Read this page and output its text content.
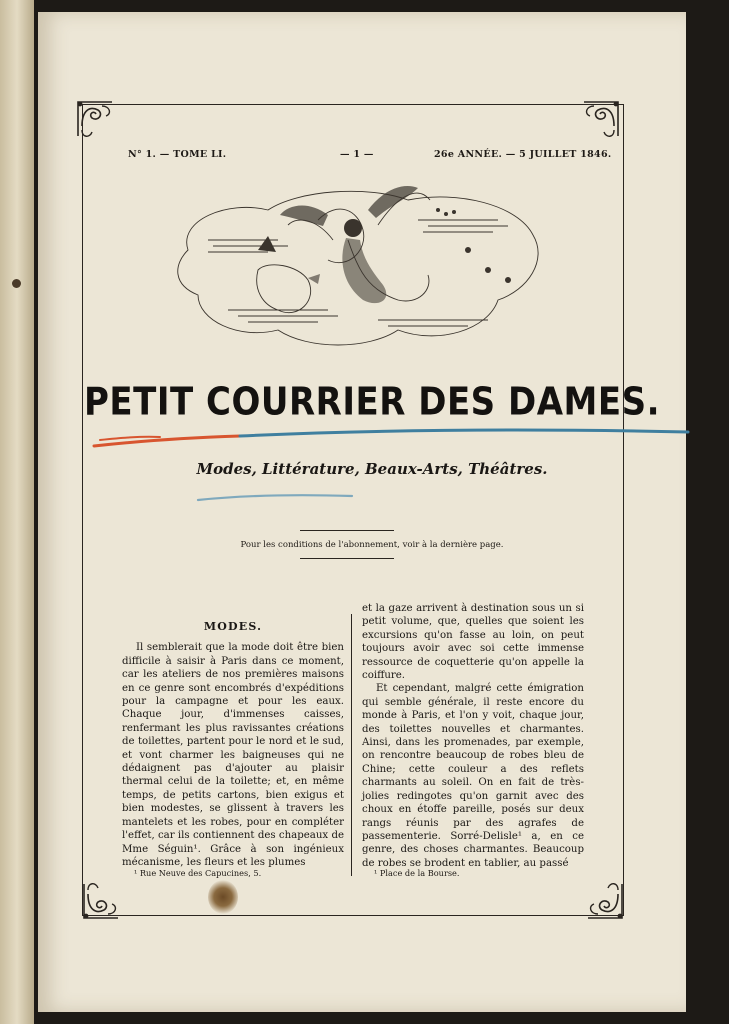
N° 1. — TOME LI.	— 1 —	26e ANNÉE. — 5 JUILLET 1846.
PETIT COURRIER DES DAMES.
Modes, Littérature, Beaux-Arts, Théâtres.
Pour les conditions de l'abonnement, voir à la dernière page.
MODES.

Il semblerait que la mode doit être bien difficile à saisir à Paris dans ce moment, car les ateliers de nos premières maisons en ce genre sont encombrés d'expéditions pour la campagne et pour les eaux. Chaque jour, d'immenses caisses, renfermant les plus ravissantes créations de toilettes, partent pour le nord et le sud, et vont charmer les baigneuses qui ne dédaignent pas d'ajouter au plaisir thermal celui de la toilette; et, en même temps, de petits cartons, bien exigus et bien modestes, se glissent à travers les mantelets et les robes, pour en compléter l'effet, car ils contiennent des chapeaux de Mme Séguin¹. Grâce à son ingénieux mécanisme, les fleurs et les plumes

et la gaze arrivent à destination sous un si petit volume, que, quelles que soient les excursions qu'on fasse au loin, on peut toujours avoir avec soi cette immense ressource de coquetterie qu'on appelle la coiffure.

Et cependant, malgré cette émigration qui semble générale, il reste encore du monde à Paris, et l'on y voit, chaque jour, des toilettes nouvelles et charmantes. Ainsi, dans les promenades, par exemple, on rencontre beaucoup de robes bleu de Chine; cette couleur a des reflets charmants au soleil. On en fait de très-jolies redingotes qu'on garnit avec des choux en étoffe pareille, posés sur deux rangs réunis par des agrafes de passementerie. Sorré-Delisle¹ a, en ce genre, des choses charmantes. Beaucoup de robes se brodent en tablier, au passé

¹ Rue Neuve des Capucines, 5.	¹ Place de la Bourse.
